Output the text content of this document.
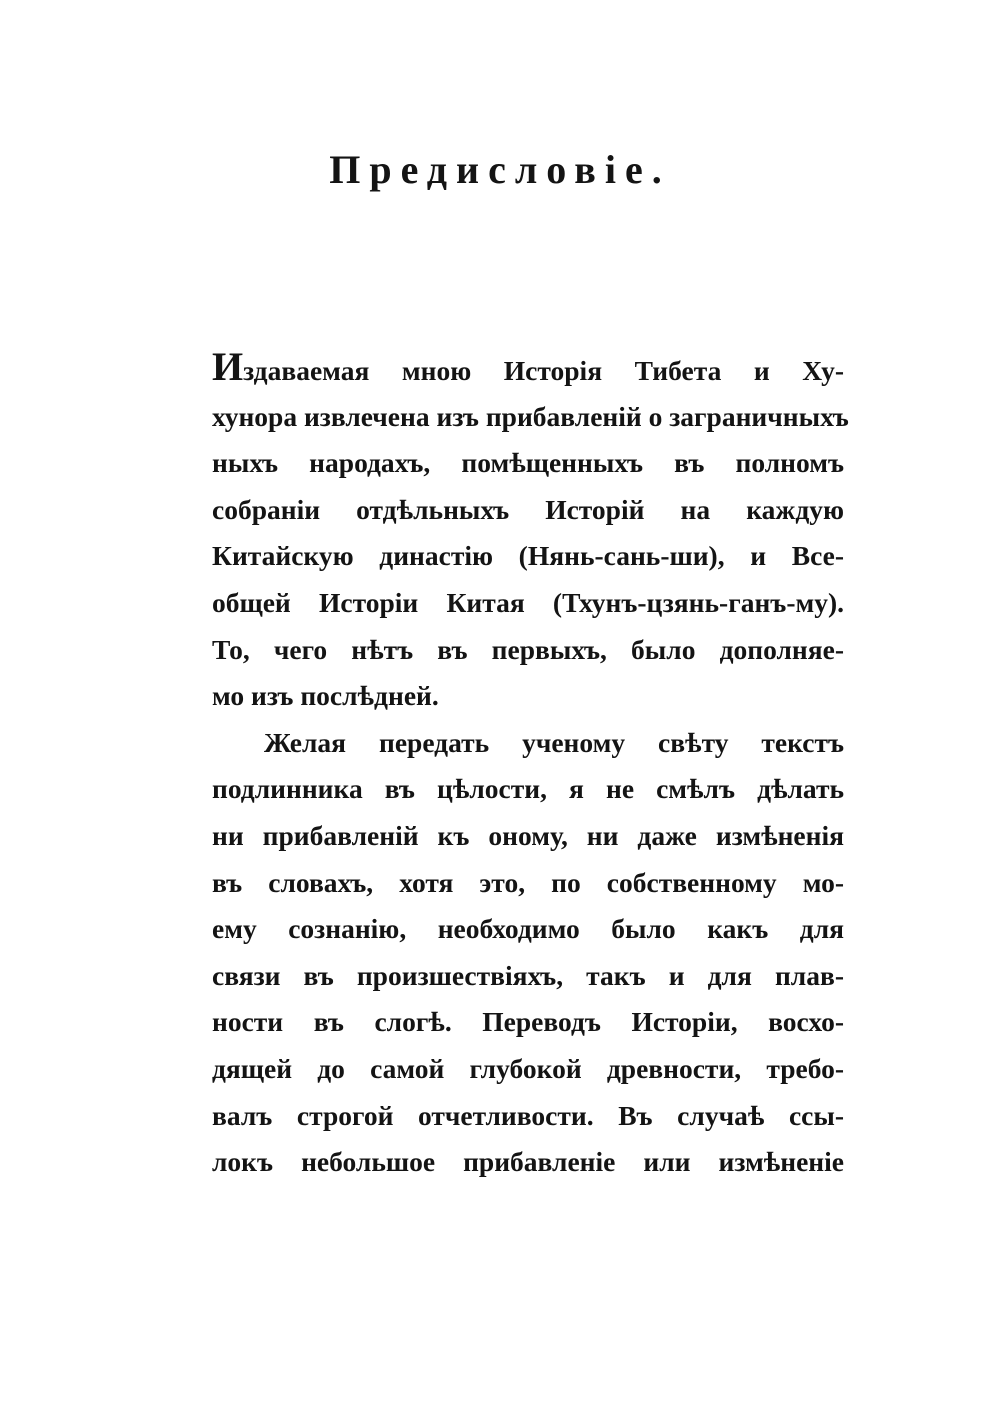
Предисловіе.
Издаваемая мною Исторія Тибета и Ху-
хунора извлечена изъ прибавленій о заграничныхъ
ныхъ народахъ, помѣщенныхъ въ полномъ
собраніи отдѣльныхъ Исторій на каждую
Китайскую династію (Нянь-сань-ши), и Все-
общей Исторіи Китая (Тхунъ-цзянь-ганъ-му).
То, чего нѣтъ въ первыхъ, было дополняе-
мо изъ послѣдней.
Желая передать ученому свѣту текстъ
подлинника въ цѣлости, я не смѣлъ дѣлать
ни прибавленій къ оному, ни даже измѣненія
въ словахъ, хотя это, по собственному мо-
ему сознанію, необходимо было какъ для
связи въ произшествіяхъ, такъ и для плав-
ности въ слогѣ. Переводъ Исторіи, восхо-
дящей до самой глубокой древности, требо-
валъ строгой отчетливости. Въ случаѣ ссы-
локъ небольшое прибавленіе или измѣненіе
